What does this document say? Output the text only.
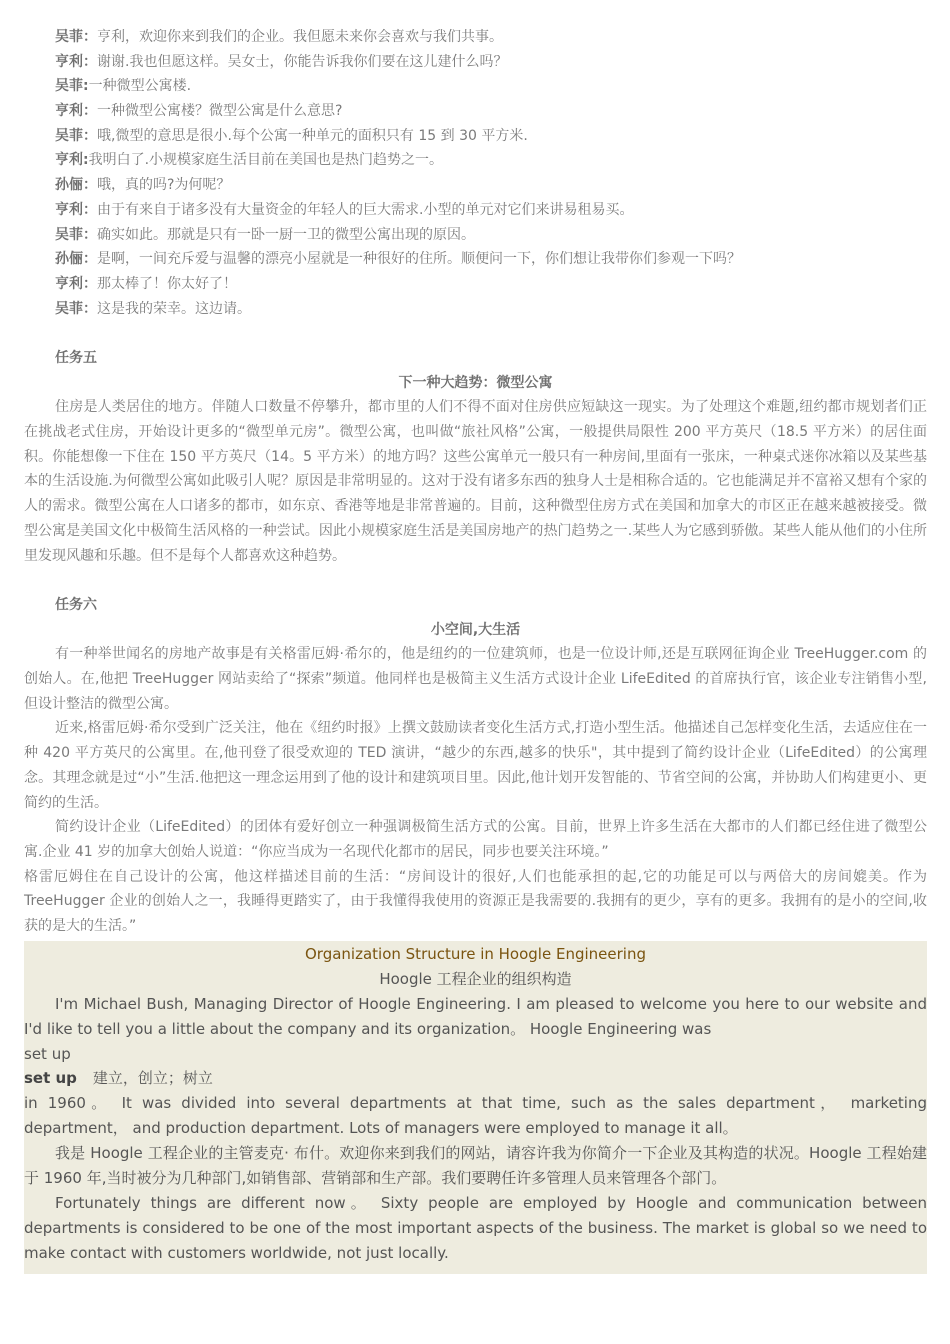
吴菲：亨利，欢迎你来到我们的企业。我但愿未来你会喜欢与我们共事。
亨利：谢谢.我也但愿这样。吴女士，你能告诉我你们要在这儿建什么吗？
吴菲:一种微型公寓楼.
亨利：一种微型公寓楼？微型公寓是什么意思?
吴菲：哦,微型的意思是很小.每个公寓一种单元的面积只有 15 到 30 平方米.
亨利:我明白了.小规模家庭生活目前在美国也是热门趋势之一。
孙俪：哦，真的吗?为何呢？
亨利：由于有来自于诸多没有大量资金的年轻人的巨大需求.小型的单元对它们来讲易租易买。
吴菲：确实如此。那就是只有一卧一厨一卫的微型公寓出现的原因。
孙俪：是啊，一间充斥爱与温馨的漂亮小屋就是一种很好的住所。顺便问一下，你们想让我带你们参观一下吗？
亨利：那太棒了！你太好了！
吴菲：这是我的荣幸。这边请。
任务五
下一种大趋势：微型公寓
住房是人类居住的地方。伴随人口数量不停攀升，都市里的人们不得不面对住房供应短缺这一现实。为了处理这个难题,纽约都市规划者们正在挑战老式住房，开始设计更多的“微型单元房”。微型公寓，也叫做“旅社风格”公寓，一般提供局限性 200 平方英尺（18.5 平方米）的居住面积。你能想像一下住在 150 平方英尺（14。5 平方米）的地方吗？这些公寓单元一般只有一种房间,里面有一张床，一种桌式迷你冰箱以及某些基本的生活设施.为何微型公寓如此吸引人呢？原因是非常明显的。这对于没有诸多东西的独身人士是相称合适的。它也能满足并不富裕又想有个家的人的需求。微型公寓在人口诸多的都市，如东京、香港等地是非常普遍的。目前，这种微型住房方式在美国和加拿大的市区正在越来越被接受。微型公寓是美国文化中极简生活风格的一种尝试。因此小规模家庭生活是美国房地产的热门趋势之一.某些人为它感到骄傲。某些人能从他们的小住所里发现风趣和乐趣。但不是每个人都喜欢这种趋势。
任务六
小空间,大生活
有一种举世闻名的房地产故事是有关格雷厄姆·希尔的，他是纽约的一位建筑师，也是一位设计师,还是互联网征询企业 TreeHugger.com 的创始人。在,他把 TreeHugger 网站卖给了“探索”频道。他同样也是极简主义生活方式设计企业 LifeEdited 的首席执行官，该企业专注销售小型,但设计整洁的微型公寓。
近来,格雷厄姆·希尔受到广泛关注，他在《纽约时报》上撰文鼓励读者变化生活方式,打造小型生活。他描述自己怎样变化生活，去适应住在一种 420 平方英尺的公寓里。在,他刊登了很受欢迎的 TED 演讲，“越少的东西,越多的快乐"，其中提到了简约设计企业（LifeEdited）的公寓理念。其理念就是过“小”生活.他把这一理念运用到了他的设计和建筑项目里。因此,他计划开发智能的、节省空间的公寓，并协助人们构建更小、更简约的生活。
简约设计企业（LifeEdited）的团体有爱好创立一种强调极简生活方式的公寓。目前，世界上许多生活在大都市的人们都已经住进了微型公寓.企业 41 岁的加拿大创始人说道：“你应当成为一名现代化都市的居民，同步也要关注环境。”
格雷厄姆住在自己设计的公寓，他这样描述目前的生活：“房间设计的很好,人们也能承担的起,它的功能足可以与两倍大的房间媲美。作为 TreeHugger 企业的创始人之一，我睡得更踏实了，由于我懂得我使用的资源正是我需要的.我拥有的更少，享有的更多。我拥有的是小的空间,收获的是大的生活。”
Organization Structure in Hoogle Engineering
Hoogle 工程企业的组织构造
I'm Michael Bush, Managing Director of Hoogle Engineering. I am pleased to welcome you here to our website and I'd like to tell you a little about the company and its organization。 Hoogle Engineering was
set up
set up 建立，创立；树立
in 1960。 It was divided into several departments at that time, such as the sales department， marketing department， and production department. Lots of managers were employed to manage it all。
我是 Hoogle 工程企业的主管麦克· 布什。欢迎你来到我们的网站，请容许我为你简介一下企业及其构造的状况。Hoogle 工程始建于 1960 年,当时被分为几种部门,如销售部、营销部和生产部。我们要聘任许多管理人员来管理各个部门。
Fortunately things are different now。 Sixty people are employed by Hoogle and communication between departments is considered to be one of the most important aspects of the business. The market is global so we need to make contact with customers worldwide, not just locally.
